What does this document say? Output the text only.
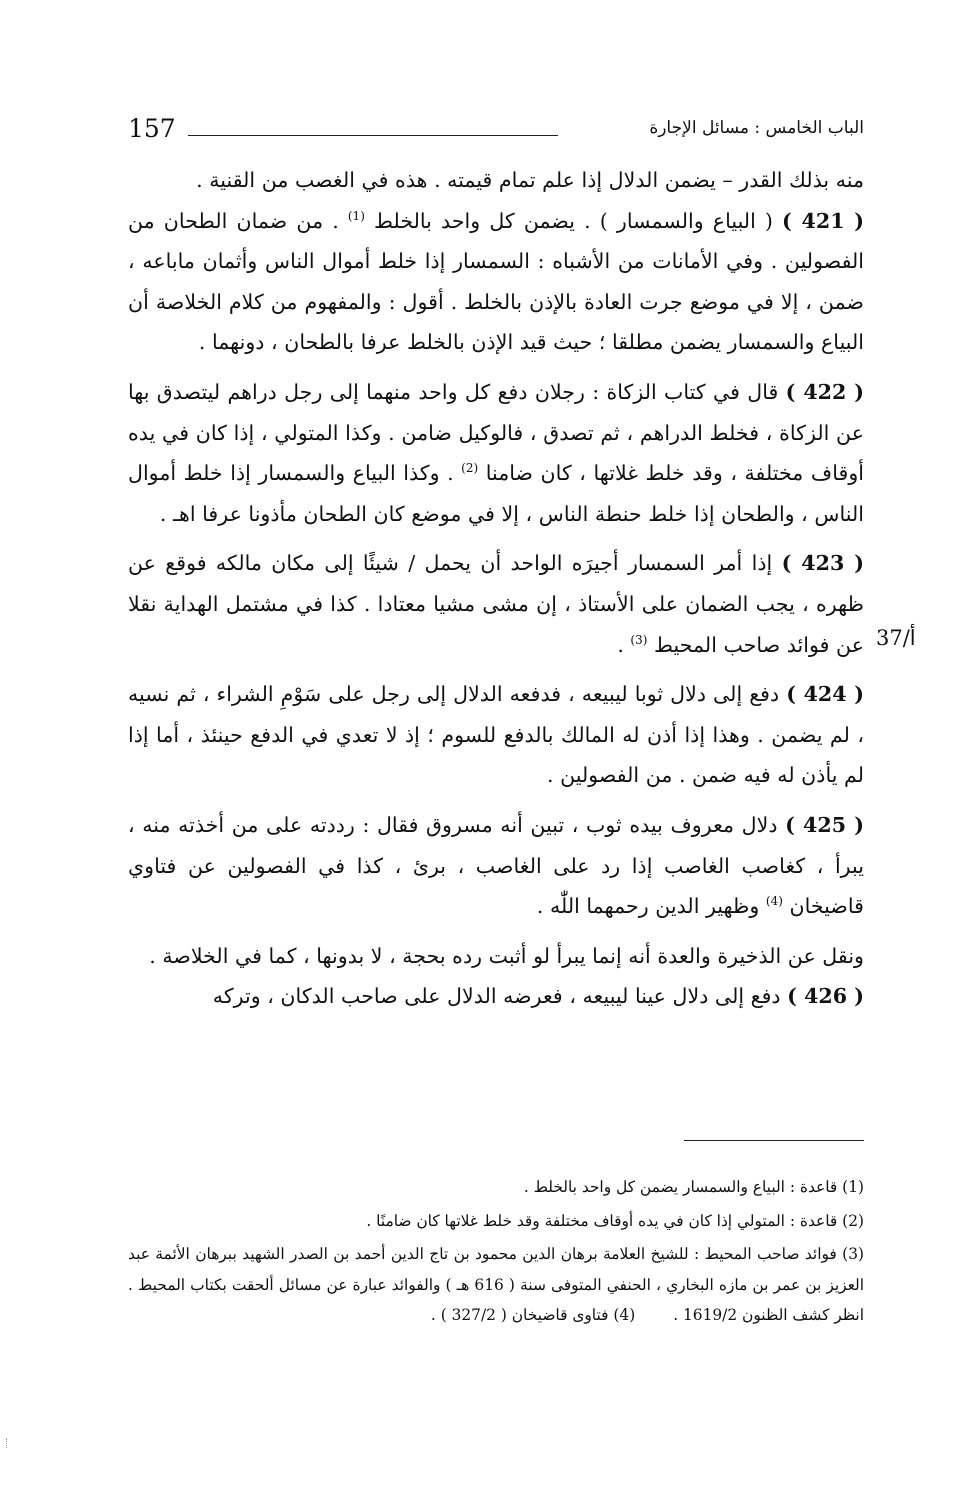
157	الباب الخامس : مسائل الإجارة
37/أ

منه بذلك القدر – يضمن الدلال إذا علم تمام قيمته . هذه في الغصب من القنية .

( 421 ) ( البياع والسمسار ) . يضمن كل واحد بالخلط $^{(1)}$ . من ضمان الطحان من الفصولين . وفي الأمانات من الأشباه : السمسار إذا خلط أموال الناس وأثمان ماباعه ، ضمن ، إلا في موضع جرت العادة بالإذن بالخلط . أقول : والمفهوم من كلام الخلاصة أن البياع والسمسار يضمن مطلقا ؛ حيث قيد الإذن بالخلط عرفا بالطحان ، دونهما .

( 422 ) قال في كتاب الزكاة : رجلان دفع كل واحد منهما إلى رجل دراهم ليتصدق بها عن الزكاة ، فخلط الدراهم ، ثم تصدق ، فالوكيل ضامن . وكذا المتولي ، إذا كان في يده أوقاف مختلفة ، وقد خلط غلاتها ، كان ضامنا $^{(2)}$ . وكذا البياع والسمسار إذا خلط أموال الناس ، والطحان إذا خلط حنطة الناس ، إلا في موضع كان الطحان مأذونا عرفا اهـ .

( 423 ) إذا أمر السمسار أجيرَه الواحد أن يحمل / شيئًا إلى مكان مالكه فوقع عن ظهره ، يجب الضمان على الأستاذ ، إن مشى مشيا معتادا . كذا في مشتمل الهداية نقلا عن فوائد صاحب المحيط $^{(3)}$ .

( 424 ) دفع إلى دلال ثوبا ليبيعه ، فدفعه الدلال إلى رجل على سَوْمِ الشراء ، ثم نسيه ، لم يضمن . وهذا إذا أذن له المالك بالدفع للسوم ؛ إذ لا تعدي في الدفع حينئذ ، أما إذا لم يأذن له فيه ضمن . من الفصولين .

( 425 ) دلال معروف بيده ثوب ، تبين أنه مسروق فقال : رددته على من أخذته منه ، يبرأ ، كغاصب الغاصب إذا رد على الغاصب ، برئ ، كذا في الفصولين عن فتاوي قاضيخان $^{(4)}$ وظهير الدين رحمهما اللّٰه .

ونقل عن الذخيرة والعدة أنه إنما يبرأ لو أثبت رده بحجة ، لا بدونها ، كما في الخلاصة .

( 426 ) دفع إلى دلال عينا ليبيعه ، فعرضه الدلال على صاحب الدكان ، وتركه

(1) قاعدة : البياع والسمسار يضمن كل واحد بالخلط .

(2) قاعدة : المتولي إذا كان في يده أوقاف مختلفة وقد خلط غلاتها كان ضامنًا .

(3) فوائد صاحب المحيط : للشيخ العلامة برهان الدين محمود بن تاج الدين أحمد بن الصدر الشهيد ببرهان الأئمة عبد العزيز بن عمر بن مازه البخاري ، الحنفي المتوفى سنة ( 616 هـ ) والفوائد عبارة عن مسائل ألحقت بكتاب المحيط . انظر كشف الظنون 1619/2 .(4) فتاوى قاضيخان ( 327/2 ) .
